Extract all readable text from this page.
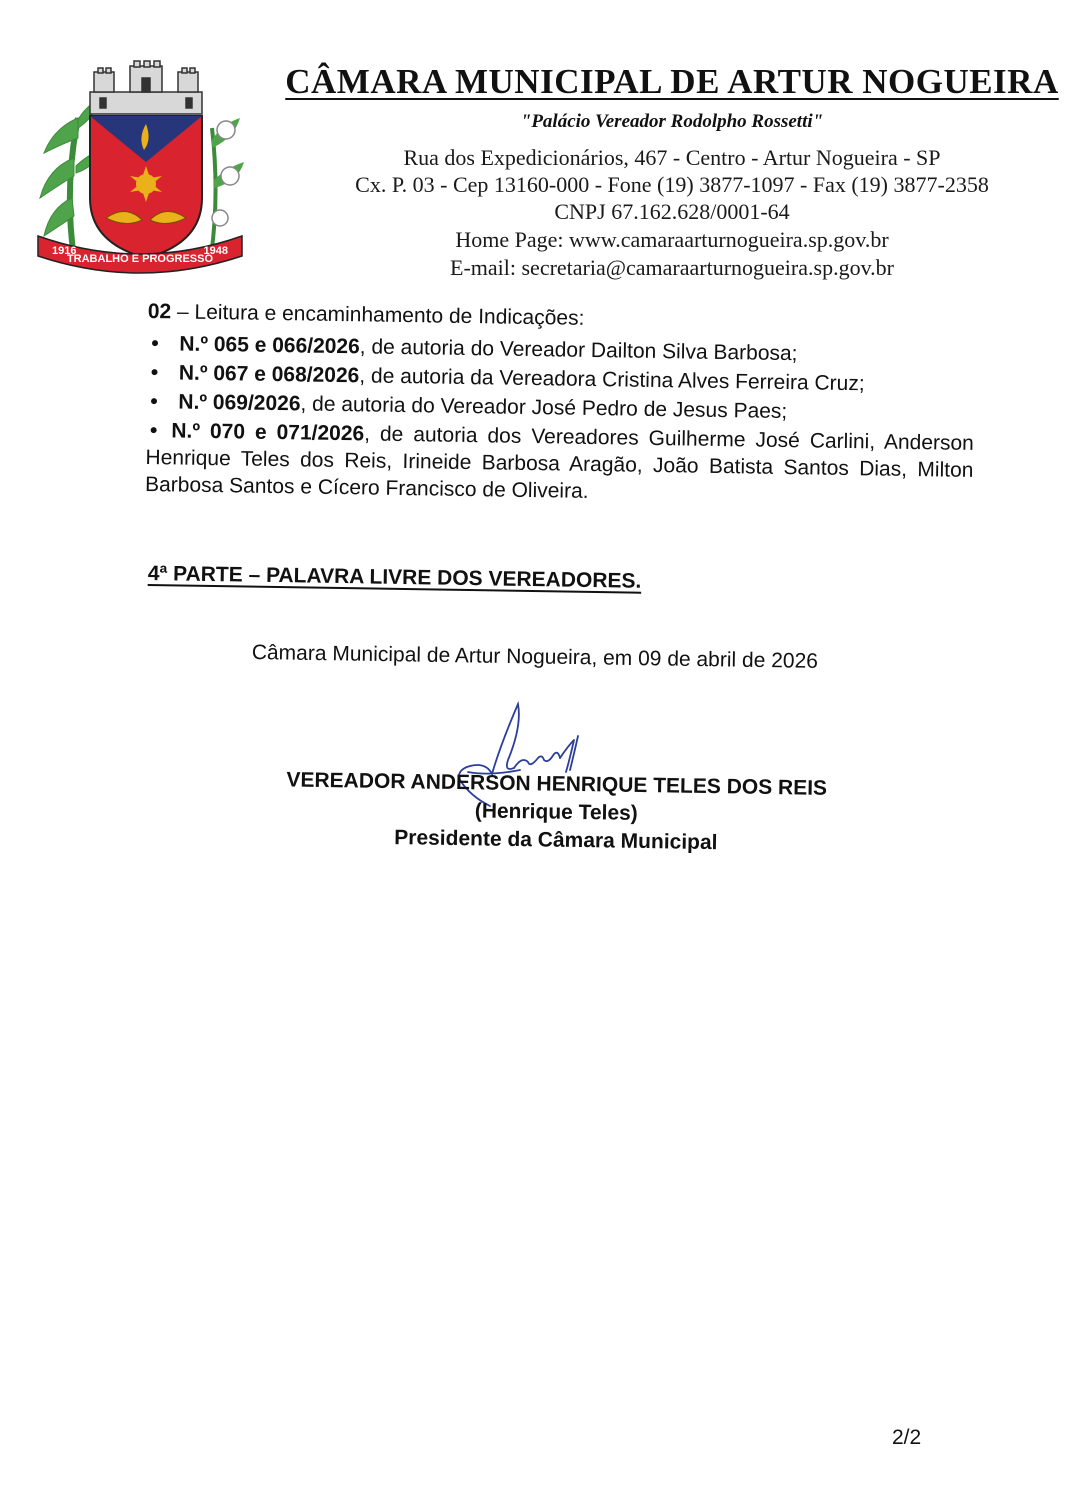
1916
TRABALHO E PROGRESSO
1948
CÂMARA MUNICIPAL DE ARTUR NOGUEIRA

"Palácio Vereador Rodolpho Rossetti"

Rua dos Expedicionários, 467 - Centro - Artur Nogueira - SP

Cx. P. 03 - Cep 13160-000 - Fone (19) 3877-1097 - Fax (19) 3877-2358

CNPJ 67.162.628/0001-64

Home Page: www.camaraarturnogueira.sp.gov.br

E-mail: secretaria@camaraarturnogueira.sp.gov.br

02 – Leitura e encaminhamento de Indicações:

• N.º 065 e 066/2026, de autoria do Vereador Dailton Silva Barbosa;
• N.º 067 e 068/2026, de autoria da Vereadora Cristina Alves Ferreira Cruz;
• N.º 069/2026, de autoria do Vereador José Pedro de Jesus Paes;
• N.º 070 e 071/2026, de autoria dos Vereadores Guilherme José Carlini, Anderson Henrique Teles dos Reis, Irineide Barbosa Aragão, João Batista Santos Dias, Milton Barbosa Santos e Cícero Francisco de Oliveira.

4ª PARTE – PALAVRA LIVRE DOS VEREADORES.

Câmara Municipal de Artur Nogueira, em 09 de abril de 2026

VEREADOR ANDERSON HENRIQUE TELES DOS REIS

(Henrique Teles)

Presidente da Câmara Municipal

2/2
